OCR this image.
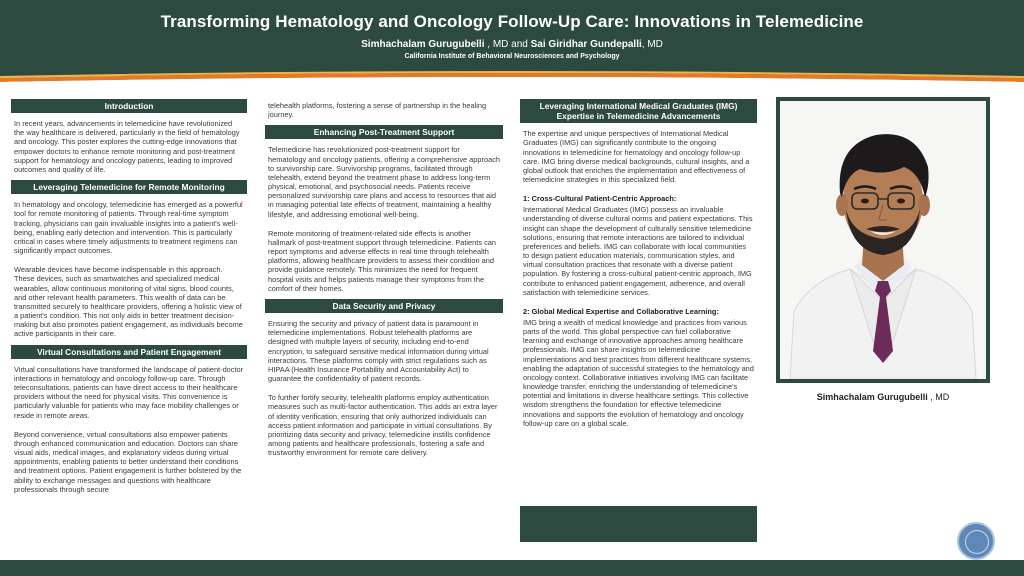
Transforming Hematology and Oncology Follow-Up Care: Innovations in Telemedicine
Simhachalam Gurugubelli , MD and Sai Giridhar Gundepalli, MD
California Institute of Behavioral Neurosciences and Psychology
Introduction
In recent years, advancements in telemedicine have revolutionized the way healthcare is delivered, particularly in the field of hematology and oncology. This poster explores the cutting-edge innovations that empower doctors to enhance remote monitoring and post-treatment support for hematology and oncology patients, leading to improved outcomes and quality of life.
Leveraging Telemedicine for Remote Monitoring
In hematology and oncology, telemedicine has emerged as a powerful tool for remote monitoring of patients. Through real-time symptom tracking, physicians can gain invaluable insights into a patient's well-being, enabling early detection and intervention. This is particularly critical in cases where timely adjustments to treatment regimens can significantly impact outcomes.
Wearable devices have become indispensable in this approach. These devices, such as smartwatches and specialized medical wearables, allow continuous monitoring of vital signs, blood counts, and other relevant health parameters. This wealth of data can be transmitted securely to healthcare providers, offering a holistic view of a patient's condition. This not only aids in better treatment decision-making but also promotes patient engagement, as individuals become active participants in their care.
Virtual Consultations and Patient Engagement
Virtual consultations have transformed the landscape of patient-doctor interactions in hematology and oncology follow-up care. Through teleconsultations, patients can have direct access to their healthcare providers without the need for physical visits. This convenience is particularly valuable for patients who may face mobility challenges or reside in remote areas.
Beyond convenience, virtual consultations also empower patients through enhanced communication and education. Doctors can share visual aids, medical images, and explanatory videos during virtual appointments, enabling patients to better understand their conditions and treatment options. Patient engagement is further bolstered by the ability to exchange messages and questions with healthcare professionals through secure
telehealth platforms, fostering a sense of partnership in the healing journey.
Enhancing Post-Treatment Support
Telemedicine has revolutionized post-treatment support for hematology and oncology patients, offering a comprehensive approach to survivorship care. Survivorship programs, facilitated through telehealth, extend beyond the treatment phase to address long-term physical, emotional, and psychosocial needs. Patients receive personalized survivorship care plans and access to resources that aid in managing potential late effects of treatment, maintaining a healthy lifestyle, and addressing emotional well-being.
Remote monitoring of treatment-related side effects is another hallmark of post-treatment support through telemedicine. Patients can report symptoms and adverse effects in real time through telehealth platforms, allowing healthcare providers to assess their condition and provide guidance remotely. This minimizes the need for frequent hospital visits and helps patients manage their symptoms from the comfort of their homes.
Data Security and Privacy
Ensuring the security and privacy of patient data is paramount in telemedicine implementations. Robust telehealth platforms are designed with multiple layers of security, including end-to-end encryption, to safeguard sensitive medical information during virtual interactions. These platforms comply with strict regulations such as HIPAA (Health Insurance Portability and Accountability Act) to guarantee the confidentiality of patient records.
To further fortify security, telehealth platforms employ authentication measures such as multi-factor authentication. This adds an extra layer of identity verification, ensuring that only authorized individuals can access patient information and participate in virtual consultations. By prioritizing data security and privacy, telemedicine instills confidence among patients and healthcare professionals, fostering a safe and trustworthy environment for remote care delivery.
Leveraging International Medical Graduates (IMG) Expertise in Telemedicine Advancements
The expertise and unique perspectives of International Medical Graduates (IMG) can significantly contribute to the ongoing innovations in telemedicine for hematology and oncology follow-up care. IMG bring diverse medical backgrounds, cultural insights, and a global outlook that enriches the implementation and effectiveness of telemedicine strategies in this specialized field.
1: Cross-Cultural Patient-Centric Approach:
International Medical Graduates (IMG) possess an invaluable understanding of diverse cultural norms and patient expectations. This insight can shape the development of culturally sensitive telemedicine solutions, ensuring that remote interactions are tailored to individual preferences and beliefs. IMG can collaborate with local communities to design patient education materials, communication styles, and virtual consultation practices that resonate with a diverse patient population. By fostering a cross-cultural patient-centric approach, IMG contribute to enhanced patient engagement, adherence, and overall satisfaction with telemedicine services.
2: Global Medical Expertise and Collaborative Learning:
IMG bring a wealth of medical knowledge and practices from various parts of the world. This global perspective can fuel collaborative learning and exchange of innovative approaches among healthcare professionals. IMG can share insights on telemedicine implementations and best practices from different healthcare systems, enabling the adaptation of successful strategies to the hematology and oncology context. Collaborative initiatives involving IMG can facilitate knowledge transfer, enriching the understanding of telemedicine's potential and limitations in diverse healthcare settings. This collective wisdom strengthens the foundation for effective telemedicine innovations and supports the evolution of hematology and oncology follow-up care on a global scale.
Simhachalam Gurugubelli , MD
